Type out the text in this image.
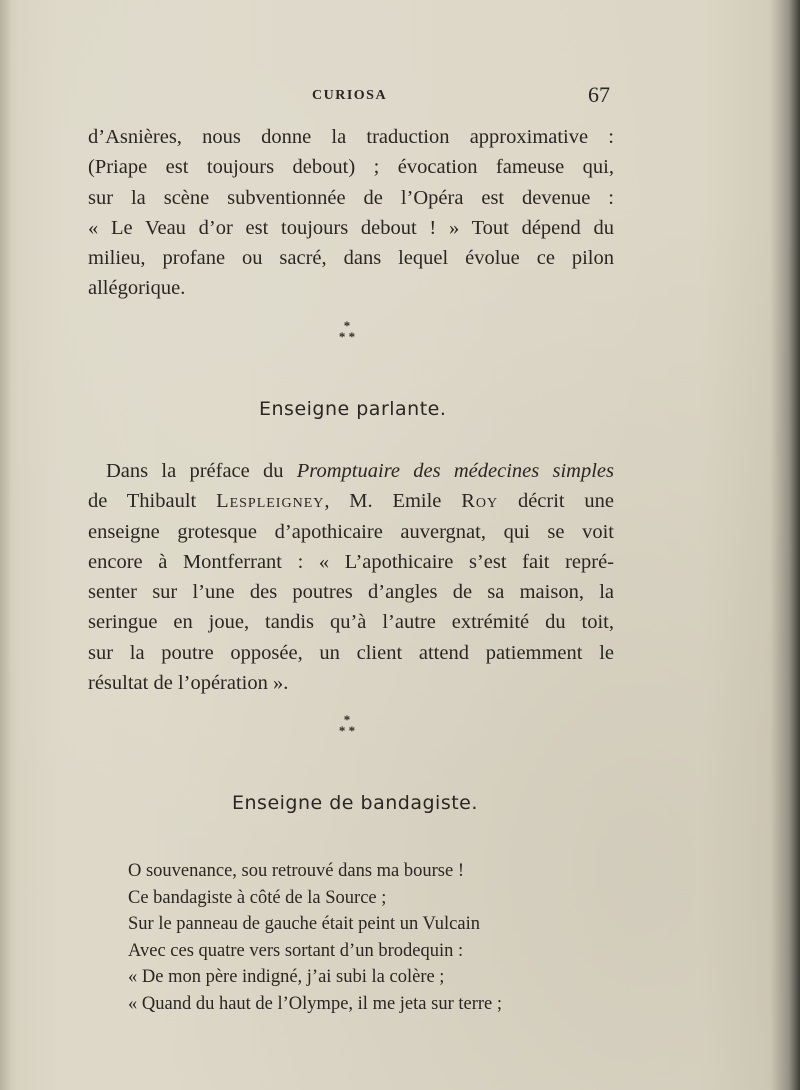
CURIOSA	67
d’Asnières, nous donne la traduction approximative :
(Priape est toujours debout) ; évocation fameuse qui,
sur la scène subventionnée de l’Opéra est devenue :
« Le Veau d’or est toujours debout ! » Tout dépend du
milieu, profane ou sacré, dans lequel évolue ce pilon
allégorique.
*
* *
Enseigne parlante.
Dans la préface du Promptuaire des médecines simples
de Thibault Lespleigney, M. Emile Roy décrit une
enseigne grotesque d’apothicaire auvergnat, qui se voit
encore à Montferrant : « L’apothicaire s’est fait repré-
senter sur l’une des poutres d’angles de sa maison, la
seringue en joue, tandis qu’à l’autre extrémité du toit,
sur la poutre opposée, un client attend patiemment le
résultat de l’opération ».
*
* *
Enseigne de bandagiste.
O souvenance, sou retrouvé dans ma bourse !
Ce bandagiste à côté de la Source ;
Sur le panneau de gauche était peint un Vulcain
Avec ces quatre vers sortant d’un brodequin :
« De mon père indigné, j’ai subi la colère ;
« Quand du haut de l’Olympe, il me jeta sur terre ;
